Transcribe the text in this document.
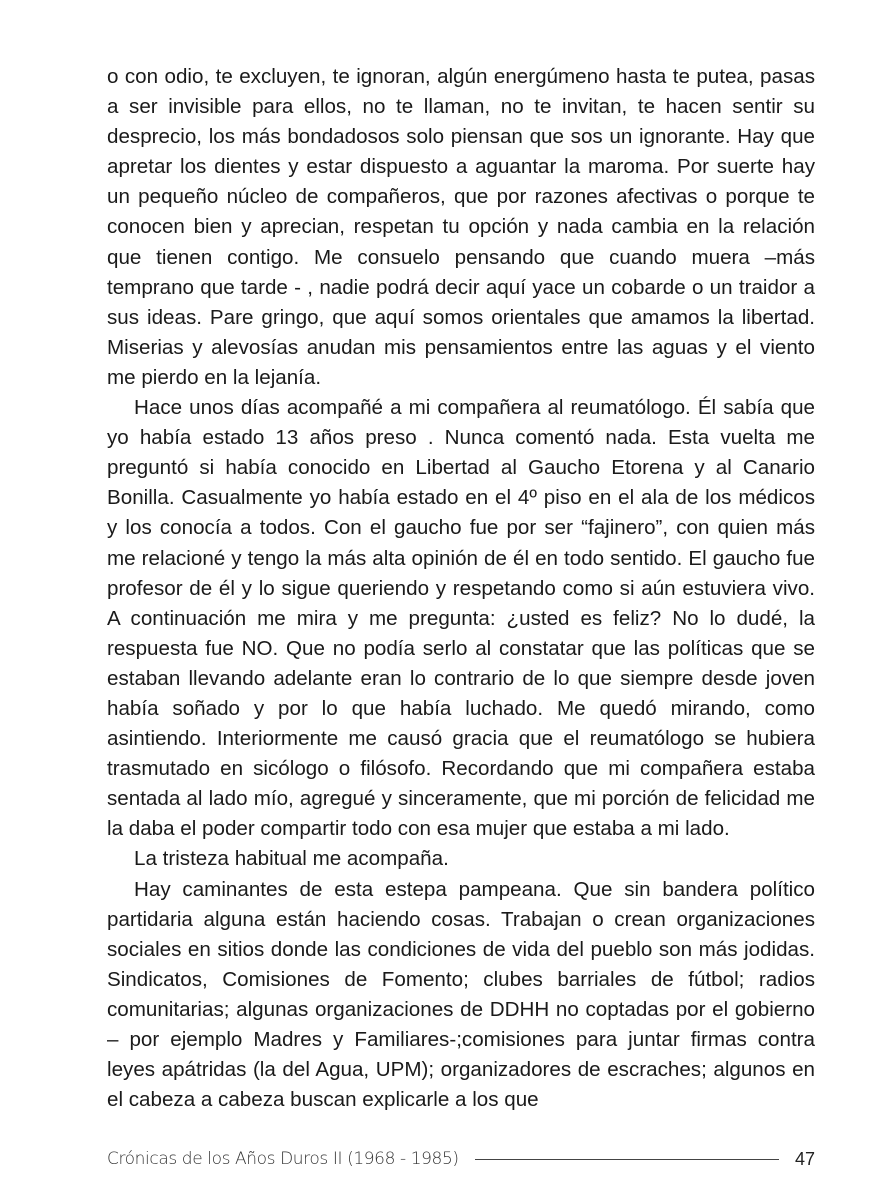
o con odio, te excluyen, te ignoran, algún energúmeno hasta te putea, pasas a ser invisible para ellos, no te llaman, no te invitan, te hacen sentir su desprecio, los más bondadosos solo piensan que sos un ignorante. Hay que apretar los dientes y estar dispuesto a aguantar la maroma. Por suerte hay un pequeño núcleo de compañeros, que por razones afectivas o porque te conocen bien y aprecian, respetan tu opción y nada cambia en la relación que tienen contigo. Me consuelo pensando que cuando muera –más temprano que tarde - , nadie podrá decir aquí yace un cobarde o un traidor a sus ideas. Pare gringo, que aquí somos orientales que amamos la libertad. Miserias y alevosías anudan mis pensamientos entre las aguas y el viento me pierdo en la lejanía.

Hace unos días acompañé a mi compañera al reumatólogo. Él sabía que yo había estado 13 años preso . Nunca comentó nada. Esta vuelta me preguntó si había conocido en Libertad al Gaucho Etorena y al Canario Bonilla. Casualmente yo había estado en el 4º piso en el ala de los médicos y los conocía a todos. Con el gaucho fue por ser “fajinero”, con quien más me relacioné y tengo la más alta opinión de él en todo sentido. El gaucho fue profesor de él y lo sigue queriendo y respetando como si aún estuviera vivo. A continuación me mira y me pregunta: ¿usted es feliz? No lo dudé, la respuesta fue NO. Que no podía serlo al constatar que las políticas que se estaban llevando adelante eran lo contrario de lo que siempre desde joven había soñado y por lo que había luchado. Me quedó mirando, como asintiendo. Interiormente me causó gracia que el reumatólogo se hubiera trasmutado en sicólogo o filósofo. Recordando que mi compañera estaba sentada al lado mío, agregué y sinceramente, que mi porción de felicidad me la daba el poder compartir todo con esa mujer que estaba a mi lado.

La tristeza habitual me acompaña.

Hay caminantes de esta estepa pampeana. Que sin bandera político partidaria alguna están haciendo cosas. Trabajan o crean organizaciones sociales en sitios donde las condiciones de vida del pueblo son más jodidas. Sindicatos, Comisiones de Fomento; clubes barriales de fútbol; radios comunitarias; algunas organizaciones de DDHH no coptadas por el gobierno – por ejemplo Madres y Familiares-;comisiones para juntar firmas contra leyes apátridas (la del Agua, UPM); organizadores de escraches; algunos en el cabeza a cabeza buscan explicarle a los que

Crónicas de los Años Duros II (1968 - 1985)	47
